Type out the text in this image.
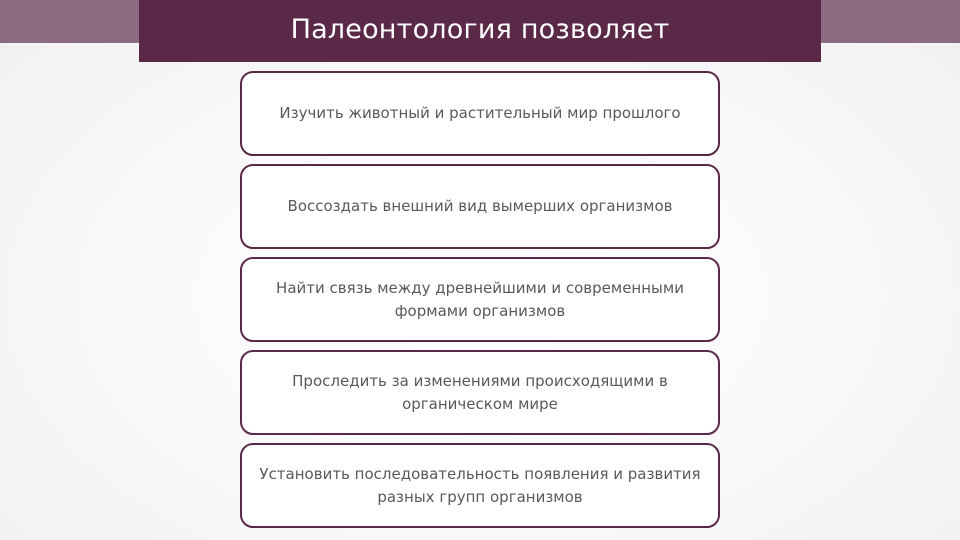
Палеонтология позволяет
Изучить животный и растительный мир прошлого
Воссоздать внешний вид вымерших организмов
Найти связь между древнейшими и современными формами организмов
Проследить за изменениями происходящими в органическом мире
Установить последовательность появления и развития разных групп организмов
